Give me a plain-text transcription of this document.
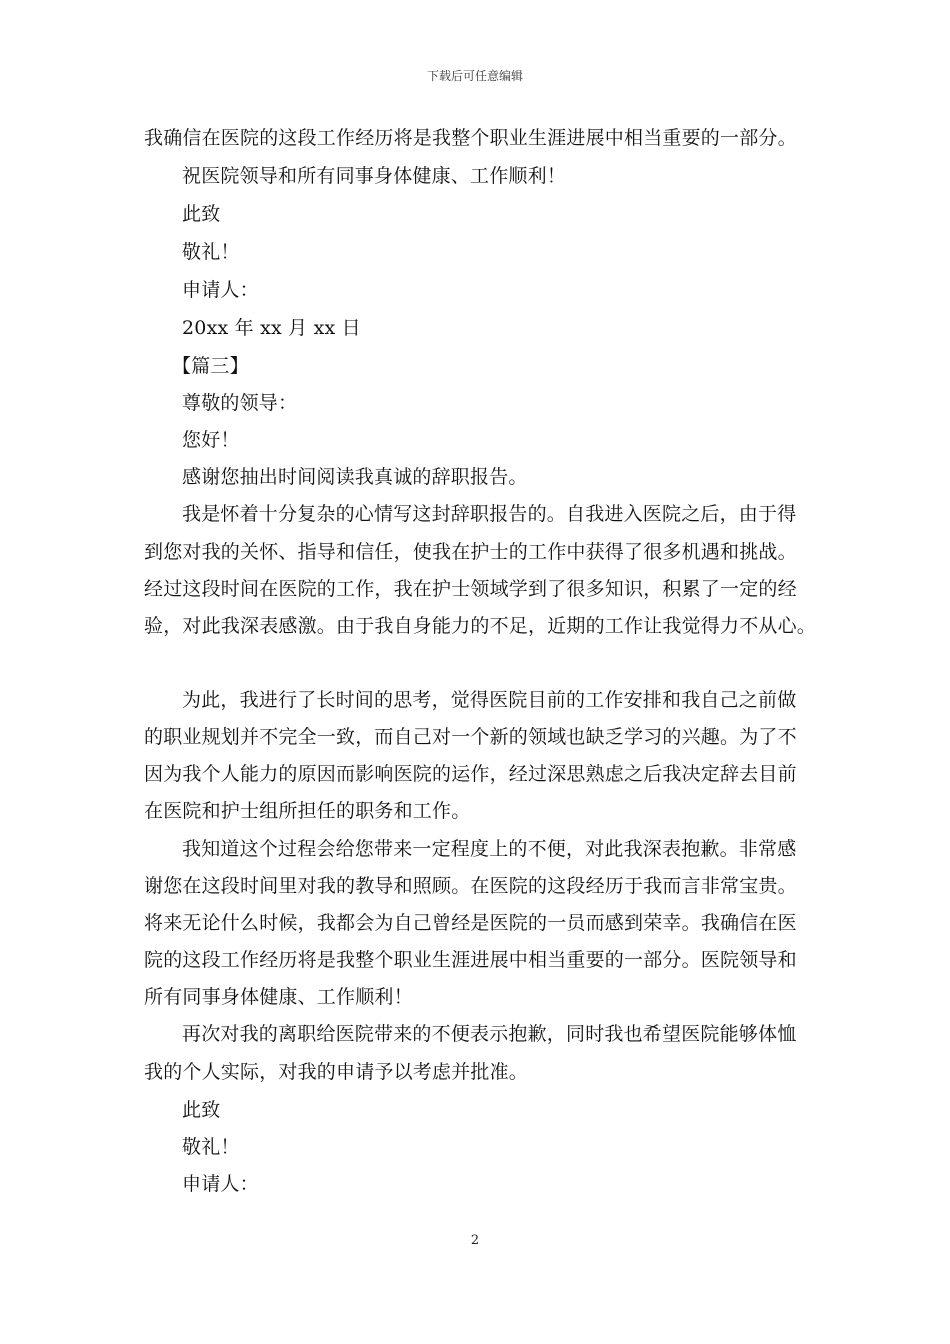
下载后可任意编辑
我确信在医院的这段工作经历将是我整个职业生涯进展中相当重要的一部分。
祝医院领导和所有同事身体健康、工作顺利！
此致
敬礼！
申请人：
20xx 年 xx 月 xx 日
【篇三】
尊敬的领导：
您好！
感谢您抽出时间阅读我真诚的辞职报告。
我是怀着十分复杂的心情写这封辞职报告的。自我进入医院之后，由于得
到您对我的关怀、指导和信任，使我在护士的工作中获得了很多机遇和挑战。
经过这段时间在医院的工作，我在护士领域学到了很多知识，积累了一定的经
验，对此我深表感激。由于我自身能力的不足，近期的工作让我觉得力不从心。
为此，我进行了长时间的思考，觉得医院目前的工作安排和我自己之前做
的职业规划并不完全一致，而自己对一个新的领域也缺乏学习的兴趣。为了不
因为我个人能力的原因而影响医院的运作，经过深思熟虑之后我决定辞去目前
在医院和护士组所担任的职务和工作。
我知道这个过程会给您带来一定程度上的不便，对此我深表抱歉。非常感
谢您在这段时间里对我的教导和照顾。在医院的这段经历于我而言非常宝贵。
将来无论什么时候，我都会为自己曾经是医院的一员而感到荣幸。我确信在医
院的这段工作经历将是我整个职业生涯进展中相当重要的一部分。医院领导和
所有同事身体健康、工作顺利！
再次对我的离职给医院带来的不便表示抱歉，同时我也希望医院能够体恤
我的个人实际，对我的申请予以考虑并批准。
此致
敬礼！
申请人：
2
